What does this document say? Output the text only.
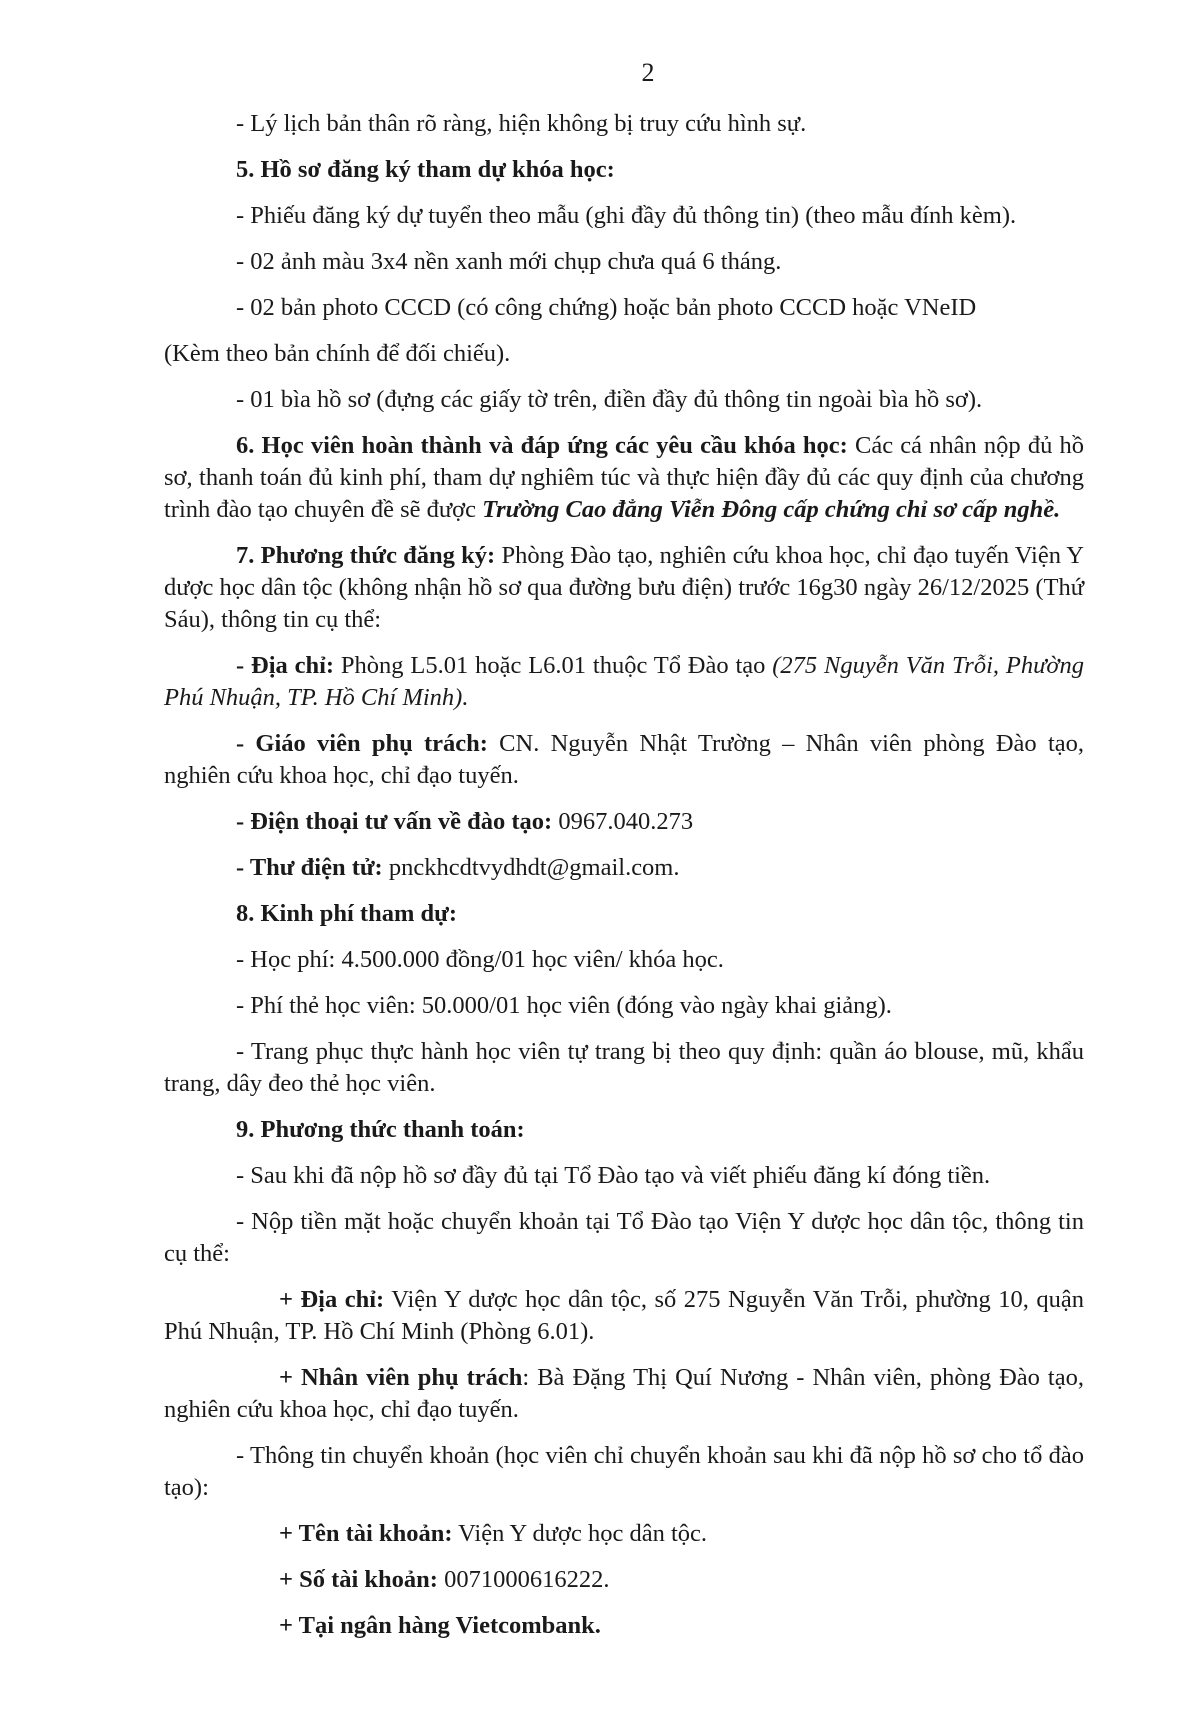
2

- Lý lịch bản thân rõ ràng, hiện không bị truy cứu hình sự.

5. Hồ sơ đăng ký tham dự khóa học:

- Phiếu đăng ký dự tuyển theo mẫu (ghi đầy đủ thông tin) (theo mẫu đính kèm).

- 02 ảnh màu 3x4 nền xanh mới chụp chưa quá 6 tháng.

- 02 bản photo CCCD (có công chứng) hoặc bản photo CCCD hoặc VNeID

(Kèm theo bản chính để đối chiếu).

- 01 bìa hồ sơ (đựng các giấy tờ trên, điền đầy đủ thông tin ngoài bìa hồ sơ).

6. Học viên hoàn thành và đáp ứng các yêu cầu khóa học: Các cá nhân nộp đủ hồ sơ, thanh toán đủ kinh phí, tham dự nghiêm túc và thực hiện đầy đủ các quy định của chương trình đào tạo chuyên đề sẽ được Trường Cao đẳng Viễn Đông cấp chứng chỉ sơ cấp nghề.

7. Phương thức đăng ký: Phòng Đào tạo, nghiên cứu khoa học, chỉ đạo tuyến Viện Y dược học dân tộc (không nhận hồ sơ qua đường bưu điện) trước 16g30 ngày 26/12/2025 (Thứ Sáu), thông tin cụ thể:

- Địa chỉ: Phòng L5.01 hoặc L6.01 thuộc Tổ Đào tạo (275 Nguyễn Văn Trỗi, Phường Phú Nhuận, TP. Hồ Chí Minh).

- Giáo viên phụ trách: CN. Nguyễn Nhật Trường – Nhân viên phòng Đào tạo, nghiên cứu khoa học, chỉ đạo tuyến.

- Điện thoại tư vấn về đào tạo: 0967.040.273

- Thư điện tử: pnckhcdtvydhdt@gmail.com.

8. Kinh phí tham dự:

- Học phí: 4.500.000 đồng/01 học viên/ khóa học.

- Phí thẻ học viên: 50.000/01 học viên (đóng vào ngày khai giảng).

- Trang phục thực hành học viên tự trang bị theo quy định: quần áo blouse, mũ, khẩu trang, dây đeo thẻ học viên.

9. Phương thức thanh toán:

- Sau khi đã nộp hồ sơ đầy đủ tại Tổ Đào tạo và viết phiếu đăng kí đóng tiền.

- Nộp tiền mặt hoặc chuyển khoản tại Tổ Đào tạo Viện Y dược học dân tộc, thông tin cụ thể:

+ Địa chỉ: Viện Y dược học dân tộc, số 275 Nguyễn Văn Trỗi, phường 10, quận Phú Nhuận, TP. Hồ Chí Minh (Phòng 6.01).

+ Nhân viên phụ trách: Bà Đặng Thị Quí Nương - Nhân viên, phòng Đào tạo, nghiên cứu khoa học, chỉ đạo tuyến.

- Thông tin chuyển khoản (học viên chỉ chuyển khoản sau khi đã nộp hồ sơ cho tổ đào tạo):

+ Tên tài khoản: Viện Y dược học dân tộc.

+ Số tài khoản: 0071000616222.

+ Tại ngân hàng Vietcombank.
